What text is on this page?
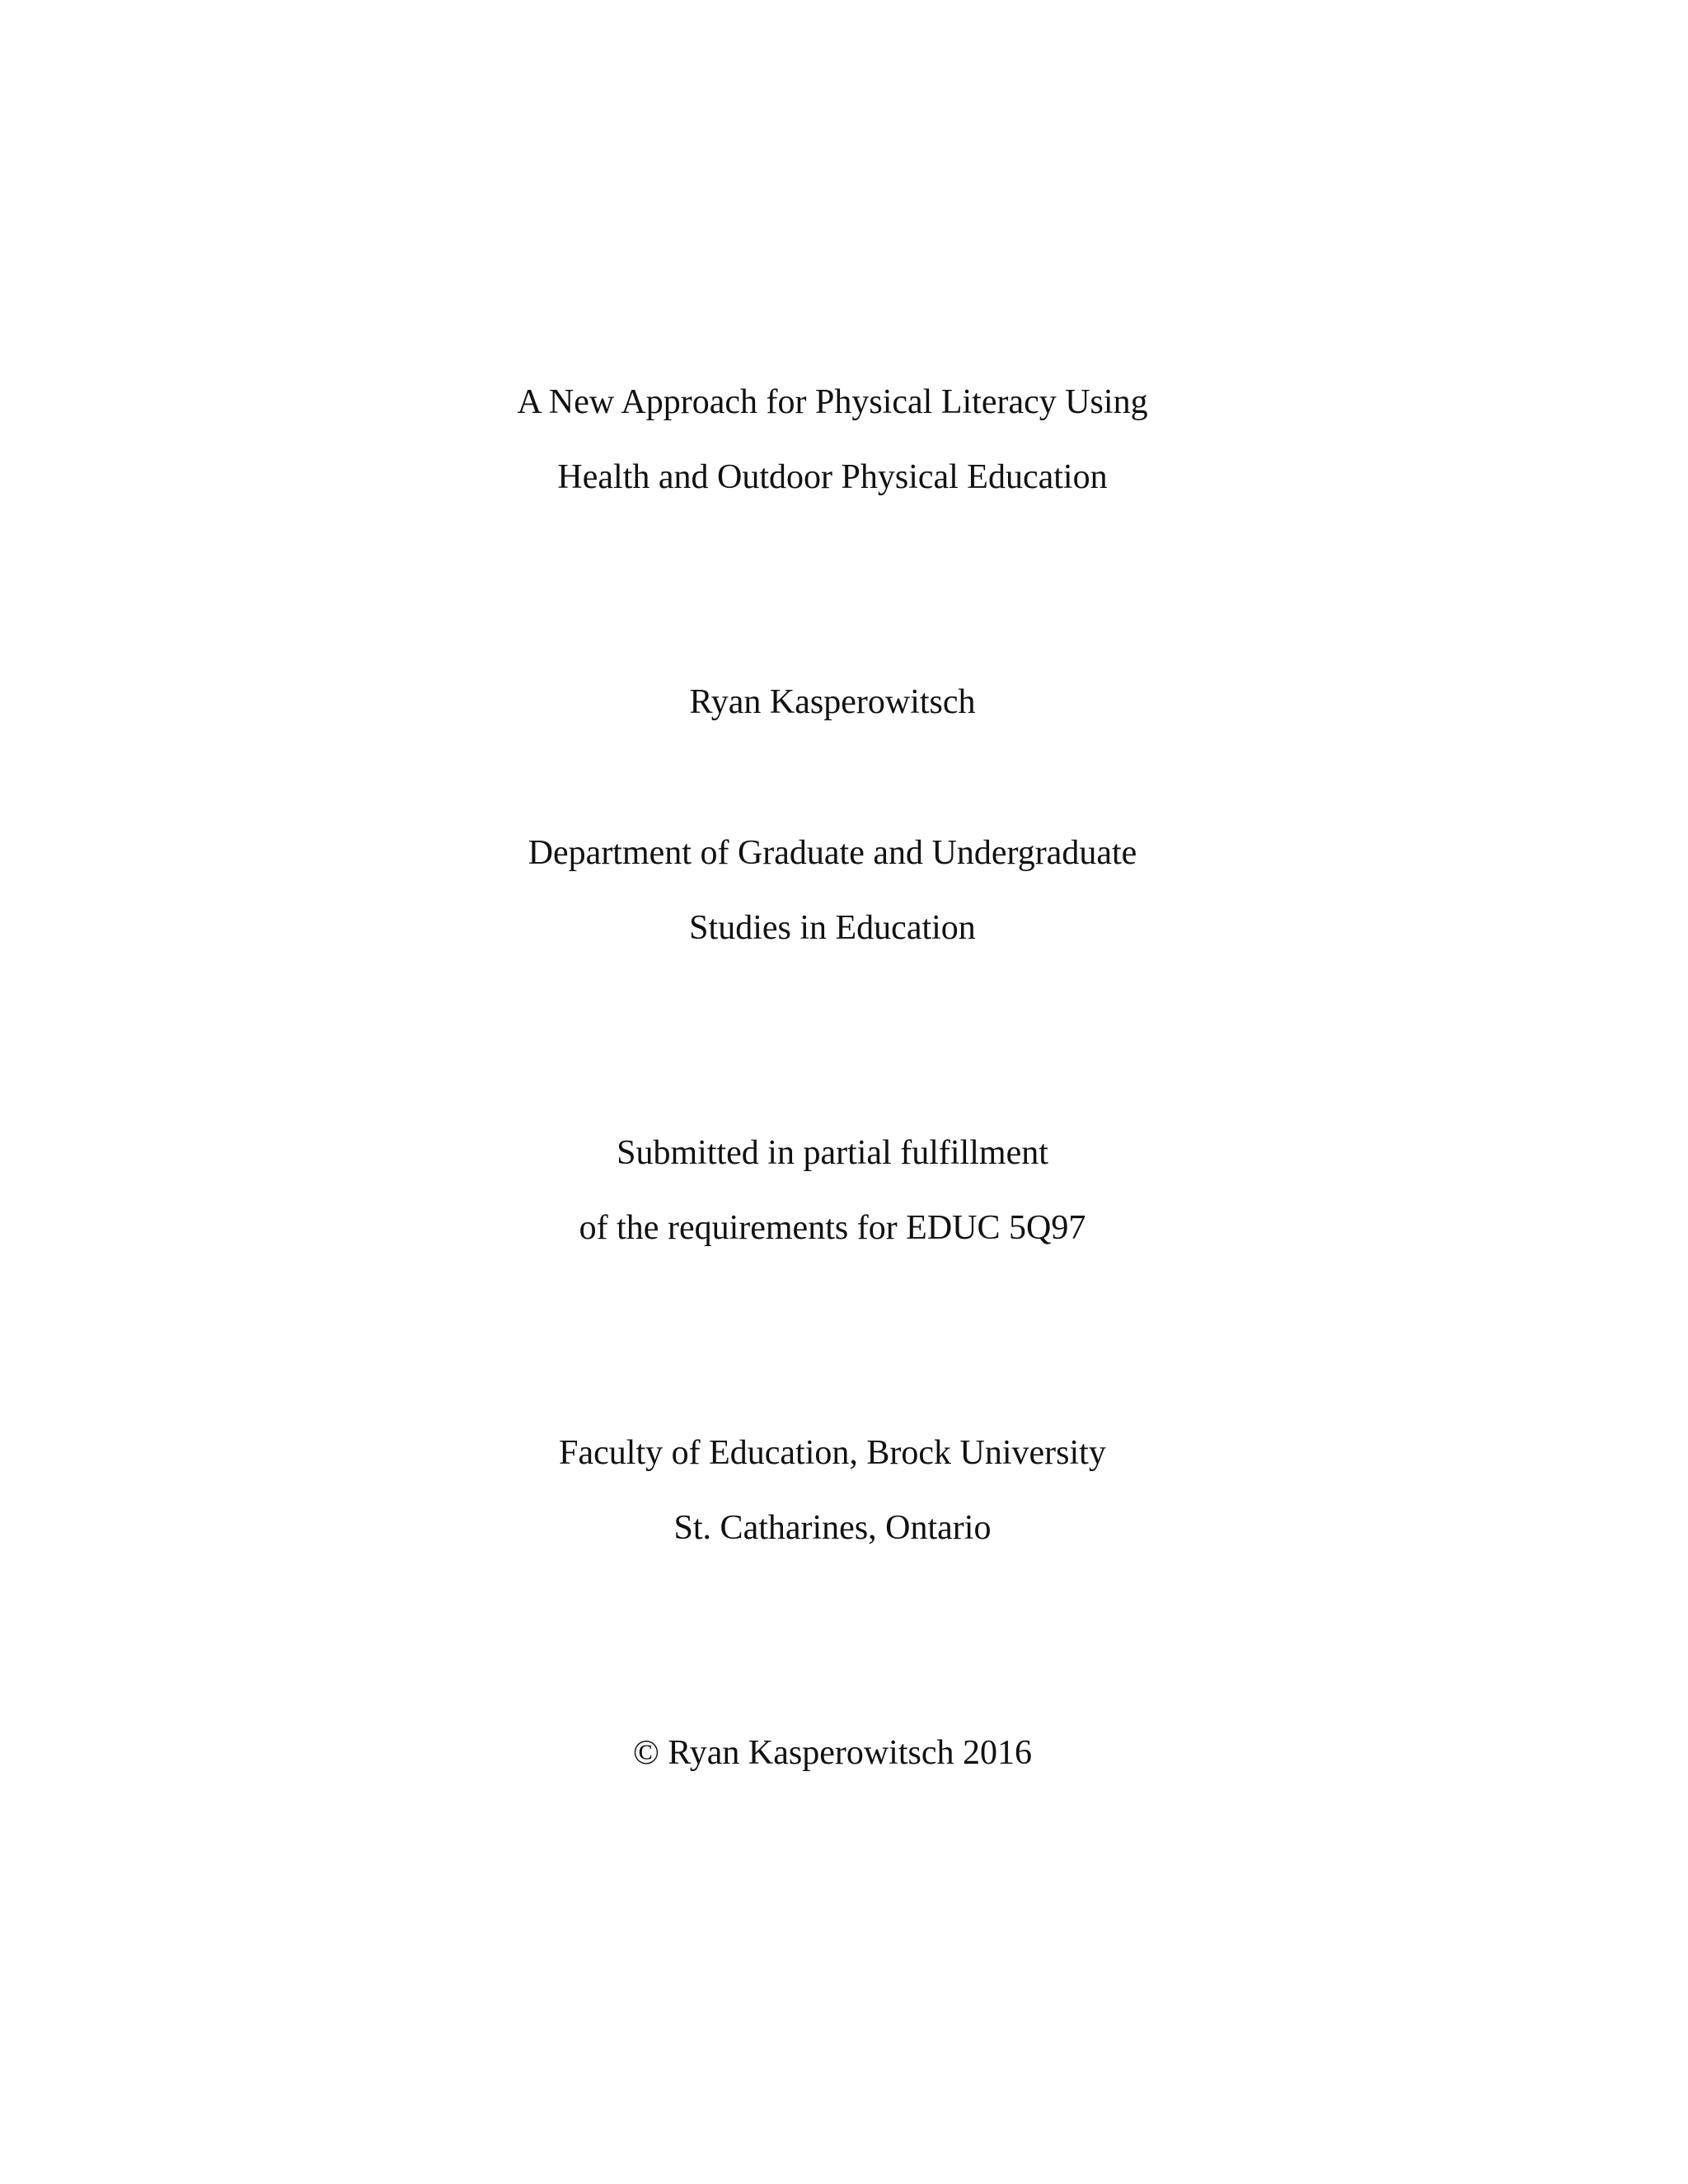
A New Approach for Physical Literacy Using
Health and Outdoor Physical Education
Ryan Kasperowitsch
Department of Graduate and Undergraduate
Studies in Education
Submitted in partial fulfillment
of the requirements for EDUC 5Q97
Faculty of Education, Brock University
St. Catharines, Ontario
© Ryan Kasperowitsch 2016
